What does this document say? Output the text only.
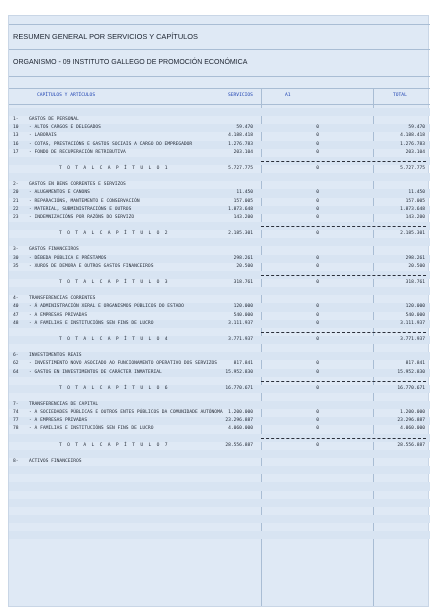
RESUMEN GENERAL POR SERVICIOS Y CAPÍTULOS
ORGANISMO - 09 INSTITUTO GALLEGO DE PROMOCIÓN ECONÓMICA
CAPÍTULOS Y ARTÍCULOS	SERVICIOS	A1	TOTAL
1- GASTOS DE PERSONAL
10 - ALTOS CARGOS E DELEGADOS	59.470	0	59.470
13 - LABORAIS	4.188.418	0	4.188.418
16 - COTAS, PRESTACIÓNS E GASTOS SOCIAIS A CARGO DO EMPREGADOR	1.276.783	0	1.276.783
17 - FONDO DE RECUPERACIÓN RETRIBUTIVA	203.104	0	203.104
T O T A L C A P Í T U L O 1	5.727.775	0	5.727.775
2- GASTOS EN BENS CORRENTES E SERVIZOS
20 - ALUGAMENTOS E CANONS	11.450	0	11.450
21 - REPARACIÓNS, MANTEMENTO E CONSERVACIÓN	157.005	0	157.005
22 - MATERIAL, SUBMINISTRACIÓNS E OUTROS	1.873.648	0	1.873.648
23 - INDEMNIZACIÓNS POR RAZÓNS DO SERVIZO	143.200	0	143.200
T O T A L C A P Í T U L O 2	2.185.301	0	2.185.301
3- GASTOS FINANCEIROS
30 - DÉBEDA PÚBLICA E PRÉSTAMOS	298.261	0	298.261
35 - XUROS DE DEMORA E OUTROS GASTOS FINANCEIROS	20.500	0	20.500
T O T A L C A P Í T U L O 3	318.761	0	318.761
4- TRANSFERENCIAS CORRENTES
40 - Á ADMINISTRACIÓN XERAL E ORGANISMOS PÚBLICOS DO ESTADO	120.000	0	120.000
47 - A EMPRESAS PRIVADAS	540.000	0	540.000
48 - A FAMILIAS E INSTITUCIÓNS SEN FINS DE LUCRO	3.111.937	0	3.111.937
T O T A L C A P Í T U L O 4	3.771.937	0	3.771.937
6- INVESTIMENTOS REAIS
62 - INVESTIMENTO NOVO ASOCIADO AO FUNCIONAMENTO OPERATIVO DOS SERVIZOS	817.841	0	817.841
64 - GASTOS EN INVESTIMENTOS DE CARÁCTER INMATERIAL	15.952.830	0	15.952.830
T O T A L C A P Í T U L O 6	16.770.671	0	16.770.671
7- TRANSFERENCIAS DE CAPITAL
74 - A SOCIEDADES PÚBLICAS E OUTROS ENTES PÚBLICOS DA COMUNIDADE AUTÓNOMA 1.200.000	0	1.200.000
77 - A EMPRESAS PRIVADAS	23.296.887	0	23.296.887
78 - A FAMILIAS E INSTITUCIÓNS SEN FINS DE LUCRO	4.060.000	0	4.060.000
T O T A L C A P Í T U L O 7	28.556.887	0	28.556.887
8- ACTIVOS FINANCEIROS
